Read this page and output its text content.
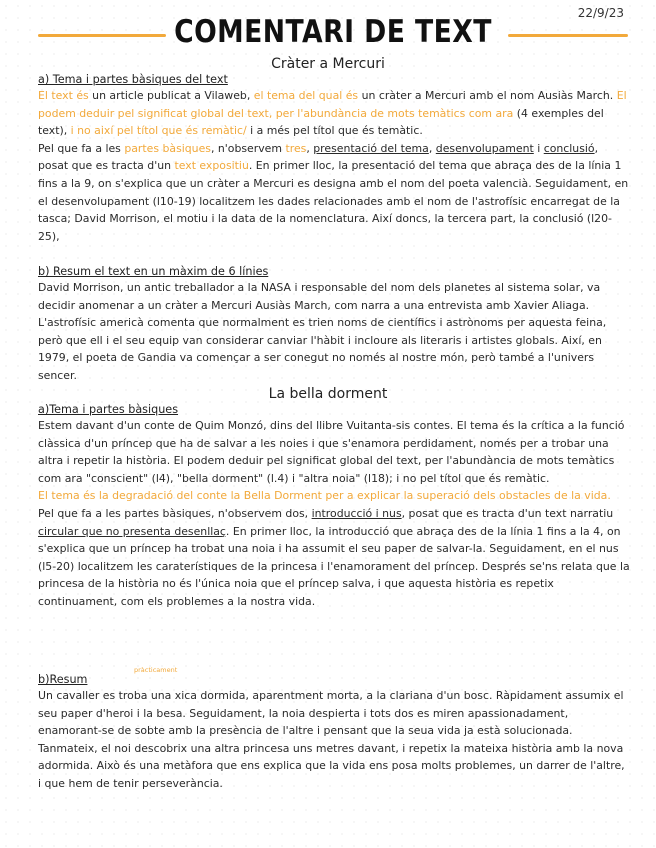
22/9/23
COMENTARI DE TEXT
Cràter a Mercuri
a) Tema i partes bàsiques del text

El text és un article publicat a Vilaweb, el tema del qual és un cràter a Mercuri amb el nom Ausiàs March. El podem deduir pel significat global del text, per l'abundància de mots temàtics com ara (4 exemples del text), i no així pel títol que és remàtic/ i a més pel títol que és temàtic.

Pel que fa a les partes bàsiques, n'observem tres, presentació del tema, desenvolupament i conclusió, posat que es tracta d'un text expositiu. En primer lloc, la presentació del tema que abraça des de la línia 1 fins a la 9, on s'explica que un cràter a Mercuri es designa amb el nom del poeta valencià. Seguidament, en el desenvolupament (l10-19) localitzem les dades relacionades amb el nom de l'astrofísic encarregat de la tasca; David Morrison, el motiu i la data de la nomenclatura. Així doncs, la tercera part, la conclusió (l20-25),

b) Resum el text en un màxim de 6 línies

David Morrison, un antic treballador a la NASA i responsable del nom dels planetes al sistema solar, va decidir anomenar a un cràter a Mercuri Ausiàs March, com narra a una entrevista amb Xavier Aliaga. L'astrofísic americà comenta que normalment es trien noms de científics i astrònoms per aquesta feina, però que ell i el seu equip van considerar canviar l'hàbit i incloure als literaris i artistes globals. Així, en 1979, el poeta de Gandia va començar a ser conegut no només al nostre món, però també a l'univers sencer.

La bella dorment
a)Tema i partes bàsiques

Estem davant d'un conte de Quim Monzó, dins del llibre Vuitanta-sis contes. El tema és la crítica a la funció clàssica d'un príncep que ha de salvar a les noies i que s'enamora perdidament, només per a trobar una altra i repetir la història. El podem deduir pel significat global del text, per l'abundància de mots temàtics com ara "conscient" (l4), "bella dorment" (l.4) i "altra noia" (l18); i no pel títol que és remàtic.

El tema és la degradació del conte la Bella Dorment per a explicar la superació dels obstacles de la vida.

Pel que fa a les partes bàsiques, n'observem dos, introducció i nus, posat que es tracta d'un text narratiu circular que no presenta desenllaç. En primer lloc, la introducció que abraça des de la línia 1 fins a la 4, on s'explica que un príncep ha trobat una noia i ha assumit el seu paper de salvar-la. Seguidament, en el nus (l5-20) localitzem les caraterístiques de la princesa i l'enamorament del príncep. Després se'ns relata que la princesa de la història no és l'única noia que el príncep salva, i que aquesta història es repetix continuament, com els problemes a la nostra vida.

pràcticament
b)Resum

Un cavaller es troba una xica dormida, aparentment morta, a la clariana d'un bosc. Ràpidament assumix el seu paper d'heroi i la besa. Seguidament, la noia despierta i tots dos es miren apassionadament, enamorant-se de sobte amb la presència de l'altre i pensant que la seua vida ja està solucionada. Tanmateix, el noi descobrix una altra princesa uns metres davant, i repetix la mateixa història amb la nova adormida. Això és una metàfora que ens explica que la vida ens posa molts problemes, un darrer de l'altre, i que hem de tenir perseverància.
